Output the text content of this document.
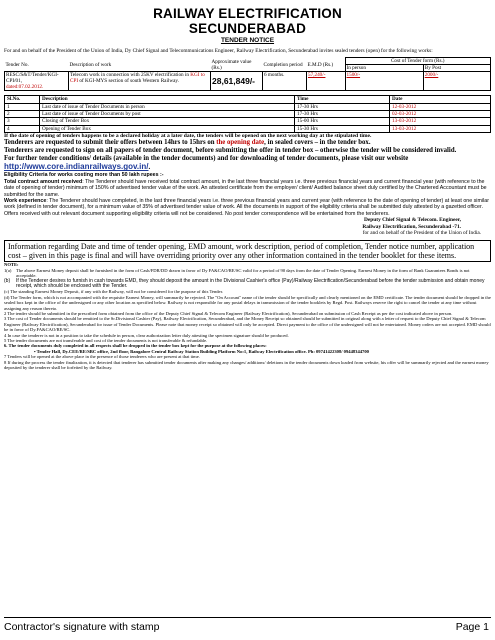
RAILWAY ELECTRIFICATION
SECUNDERABAD
TENDER NOTICE
For and on behalf of the President of the Union of India, Dy Chief Signal and Telecommunications Engineer, Railway Electrification, Secunderabad invites sealed tenders (open) for the following works:
Tender No.	Description of work	Approximate value (Rs.)	Completion period	E.M.D (Rs.)	Cost of Tender form (Rs.)	
					In person	By Post
RESC/S&T/Tender/KGI-CPI/01,
dated:07.02.2012.	Telecom work in connection with 25KV electrification in KGI to CPI of KGI-MYS section of south Western Railway.	28,61,849/-	6 months.	57,240/-	1500/-	2000/-
Sl.No.	Description	Time	Date
1	Last date of issue of Tender Documents in person	17-30 Hrs	12-03-2012
2	Last date of issue of Tender Documents by post	17-30 Hrs	02-03-2012
3	Closing of Tender Box	15-00 Hrs	13-03-2012
4	Opening of Tender Box	15-30 Hrs	13-03-2012
If the date of opening of tenders happens to be a declared holiday at a later date, the tenders will be opened on the next working day at the stipulated time.
Tenderers are requested to submit their offers between 14hrs to 15hrs on the opening date, in sealed covers – in the tender box.
Tenderers are requested to sign on all papers of tender document, before submitting the offer in tender box – otherwise the tender will be considered invalid.
For further tender conditions/ details (available in the tender documents) and for downloading of tender documents, please visit our website http://www.core.indianrailways.gov.in/.
Eligibility Criteria for works costing more than 50 lakh rupees :-
Total contract amount received: The Tenderer should have received total contract amount, in the last three financial years i.e. three previous financial years and current financial year (with reference to the date of opening of tender) minimum of 150% of advertised tender value of the work. An attested certificate from the employer/ client/ Audited balance sheet duly certified by the Chartered Accountant must be submitted for the same.
Work experience: The Tenderer should have completed, in the last three financial years i.e. three previous financial years and current year (with reference to the date of opening of tender) at least one similar work (defined in tender document), for a minimum value of 35% of advertised tender value of work. All the documents in support of the eligibility criteria shall be submitted duly attested by a gazetted officer. Offers received with out relevant document supporting eligibility criteria will not be considered. No post tender correspondence will be entertained from the tenderers.
Deputy Chief Signal & Telecom. Engineer,
Railway Electrification, Secunderabad -71.
for and on behalf of the President of the Union of India.
Information regarding Date and time of tender opening, EMD amount, work description, period of completion, Tender notice number, application cost – given in this page is final and will have overriding priority over any other information contained in the tender booklet for these items.
NOTE:
1(a) The above Earnest Money deposit shall be furnished in the form of Cash/FDR/DD drawn in favor of Dy FA&CAO/RE/SC valid for a period of 90 days from the date of Tender Opening. Earnest Money in the form of Bank Guarantees Bonds is not acceptable.
(b)	If the Tenderer desires to furnish in cash towards EMD, they should deposit the amount in the Divisional Cashier's office (Pay)/Railway Electrification/Secunderabad before the tender submission and obtain money receipt, which should be enclosed with the Tender.
(c) The standing Earnest Money Deposit, if any with the Railway, will not be considered for the purpose of this Tender.
(d) The Tender form, which is not accompanied with the requisite Earnest Money, will summarily be rejected. The "On Account" name of the tender should be specifically and clearly mentioned on the EMD certificate. The tender document should be dropped in the sealed box kept in the office of the undersigned or any other location as specified below. Railway is not responsible for any postal delays in transmission of the tender booklets by Regd. Post. Railways reserve the right to cancel the tender at any time without assigning any reason thereto.
2 The tender should be submitted in the prescribed form obtained from the office of the Deputy Chief Signal & Telecom Engineer (Railway Electrification), Secunderabad on submission of Cash Receipt as per the cost indicated above in person.
3 The cost of Tender documents should be remitted to the Sr.Divisional Cashier (Pay), Railway Electrification, Secunderabad, and the Money Receipt so obtained should be submitted in original along with a letter of request to the Deputy Chief Signal & Telecom Engineer (Railway Electrification), Secunderabad for issue of Tender Documents. Please note that money receipt so obtained will only be accepted. Direct payment to the office of the undersigned will not be entertained. Money orders are not accepted. EMD should be in favor of Dy.FA&CAO/RE/SC.
4 In case the tenderer is not in a position to take the schedule in person, clear authorization letter duly attesting the specimen signature should be produced.
5 The tender documents are not transferable and cost of the tender documents is not transferable & refundable.
6. The tender documents duly completed in all respects shall be dropped in the tender box kept for the purpose at the following places:
• Tender Hall, Dy.CEE/RE/SBC office, 2nd floor, Bangalore Central Railway Station Building Platform No:1, Railway Electrification office. Ph: 09741422308/ 09448344700
7 Tenders will be opened at the above place in the presence of those tenderers who are present at that time.
8 If during the process the tender finalization, it is detected that tenderer has submitted tender documents after making any changes/ additions/ deletions in the tender documents down loaded from website, his offer will be summarily rejected and the earnest money deposited by the tenderer shall be forfeited by the Railway.
Contractor's signature with stamp	Page 1
